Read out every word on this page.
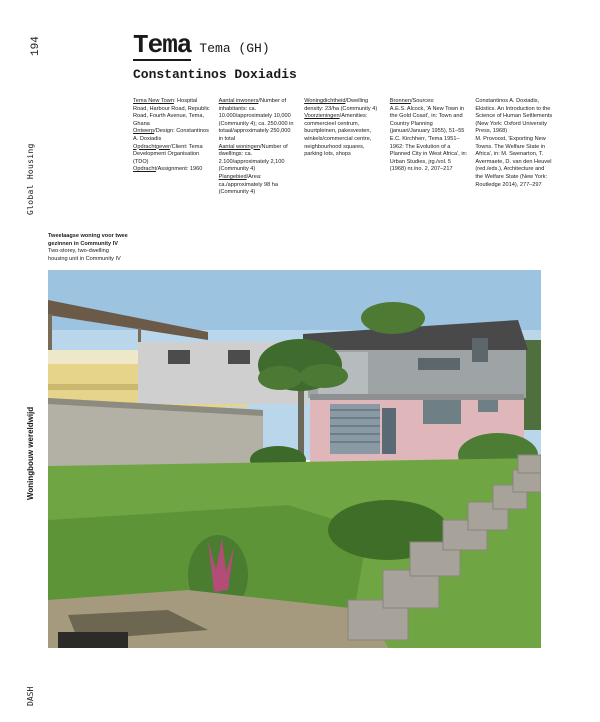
194
Global Housing
Woningbouw wereldwijd
DASH
Tema Tema (GH)
Constantinos Doxiadis

Tema New Town: Hospital Road, Harbour Road, Republic Road, Fourth Avenue, Tema, Ghana

Ontwerp/Design: Constantinos A. Doxiadis

Opdrachtgever/Client: Tema Development Organisation (TDO)

Opdracht/Assignment: 1960

Aantal inwoners/Number of inhabitants: ca. 10.000/approximately 10,000 (Community 4); ca. 250.000 in totaal/approximately 250,000 in total

Aantal woningen/Number of dwellings: ca. 2.100/approximately 2,100 (Community 4)

Plangebied/Area: ca./approximately 98 ha (Community 4)

Woningdichtheid/Dwelling density: 23/ha (Community 4)

Voorzieningen/Amenities: commercieel centrum, buurtpleinen, pakesvesten, winkels/commercial centre, neighbourhood squares, parking lots, shops

Bronnen/Sources:

A.E.S. Alcock, 'A New Town in the Gold Coast', in: Town and Country Planning (januari/January 1955), 51–55

E.C. Kirchherr, 'Tema 1951–1962: The Evolution of a Planned City in West Africa', in: Urban Studies, jrg./vol. 5 (1968) nr./no. 2, 207–217

Constantinos A. Doxiadis, Ekistics. An Introduction to the Science of Human Settlements (New York: Oxford University Press, 1968)

M. Provoost, 'Exporting New Towns. The Welfare State in Africa', in: M. Swenarton, T. Avermaete, D. van den Heuvel (red./eds.), Architecture and the Welfare State (New York: Routledge 2014), 277–297

Tweelaagse woning voor twee gezinnen in Community IV
Two-storey, two-dwelling housing unit in Community IV
